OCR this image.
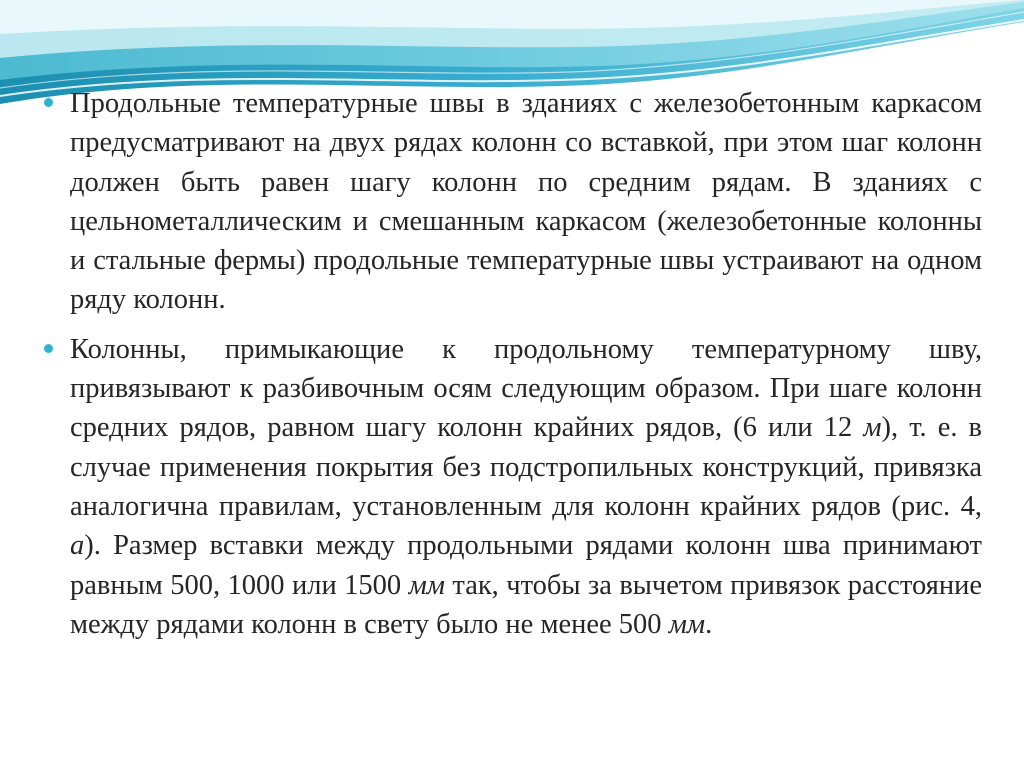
Продольные температурные швы в зданиях с железобетонным каркасом предусматривают на двух рядах колонн со вставкой, при этом шаг колонн должен быть равен шагу колонн по средним рядам. В зданиях с цельнометаллическим и смешанным каркасом (железобетонные колонны и стальные фермы) продольные температурные швы устраивают на одном ряду колонн.
Колонны, примыкающие к продольному температурному шву, привязывают к разбивочным осям следующим образом. При шаге колонн средних рядов, равном шагу колонн крайних рядов, (6 или 12 м), т. е. в случае применения покрытия без подстропильных конструкций, привязка аналогична правилам, установленным для колонн крайних рядов (рис. 4, а). Размер вставки между продольными рядами колонн шва принимают равным 500, 1000 или 1500 мм так, чтобы за вычетом привязок расстояние между рядами колонн в свету было не менее 500 мм.
